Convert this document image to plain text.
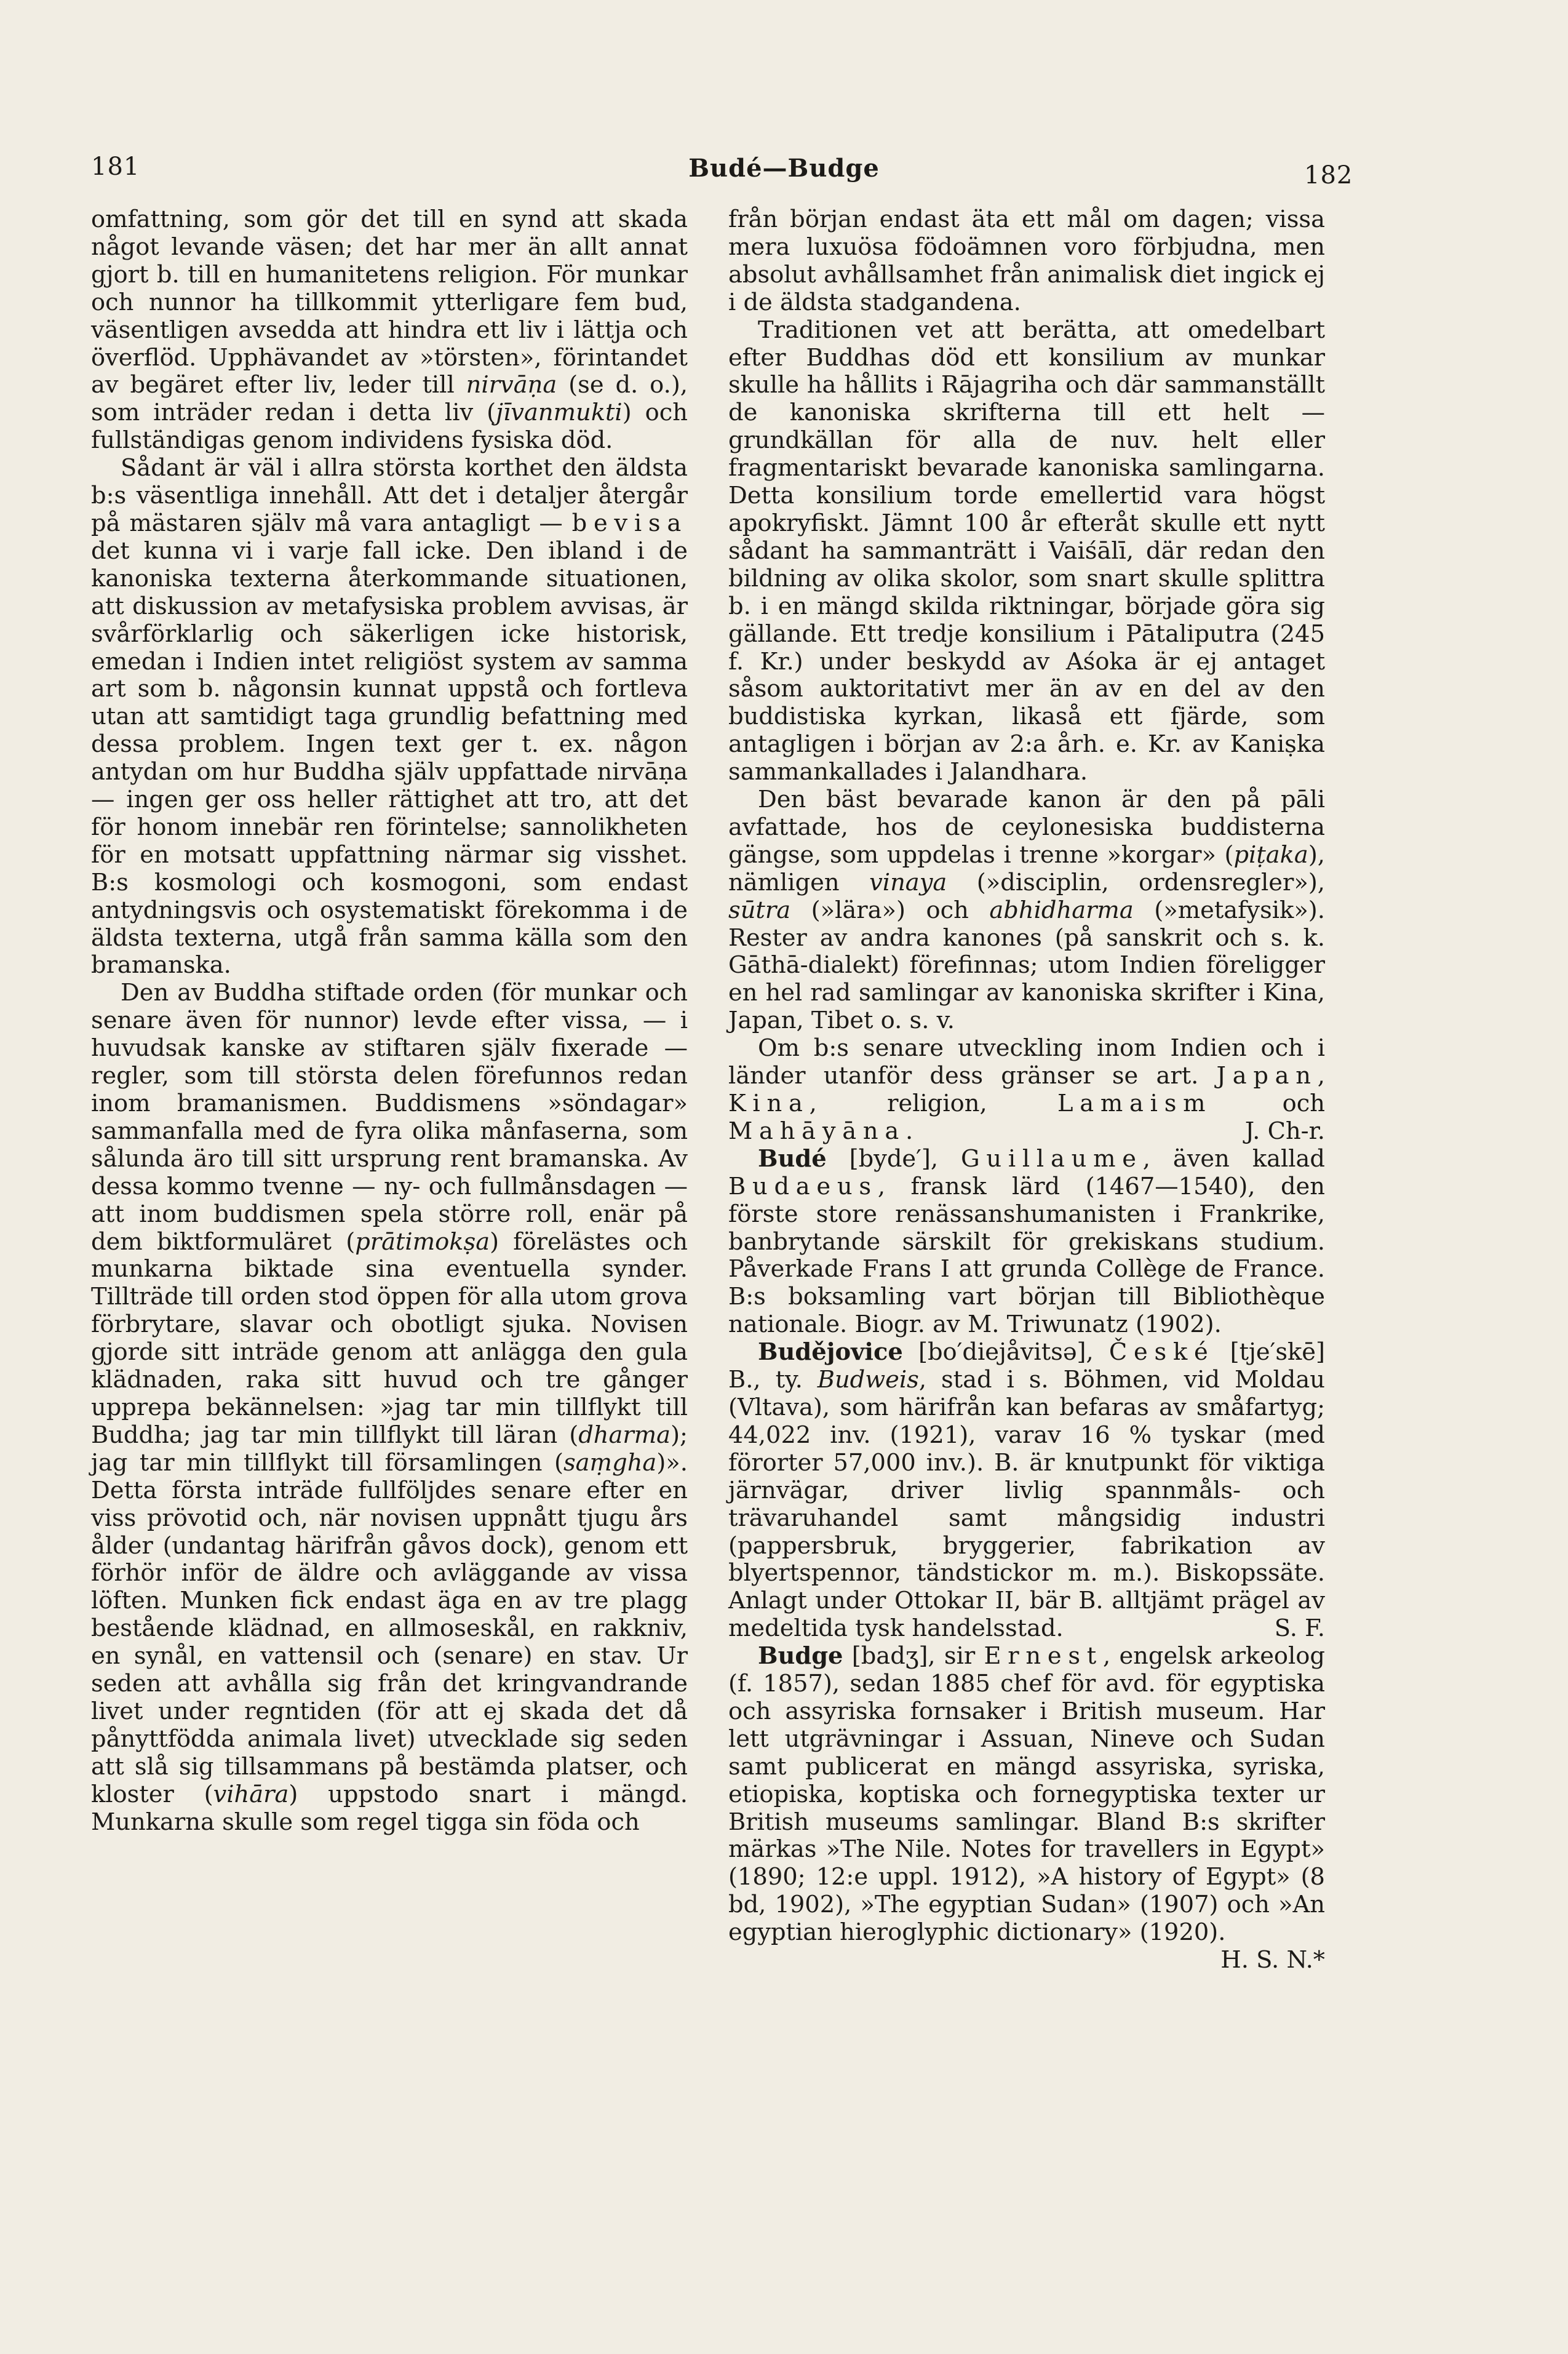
181	Budé—Budge	182

omfattning, som gör det till en synd att skada något levande väsen; det har mer än allt annat gjort b. till en humanitetens religion. För munkar och nunnor ha tillkommit ytterligare fem bud, väsentligen avsedda att hindra ett liv i lättja och överflöd. Upphävandet av »törsten», förintandet av begäret efter liv, leder till nirvāṇa (se d. o.), som inträder redan i detta liv (jīvanmukti) och fullständigas genom individens fysiska död.

Sådant är väl i allra största korthet den äldsta b:s väsentliga innehåll. Att det i detaljer återgår på mästaren själv må vara antagligt — bevisa det kunna vi i varje fall icke. Den ibland i de kanoniska texterna återkommande situationen, att diskussion av metafysiska problem avvisas, är svårförklarlig och säkerligen icke historisk, emedan i Indien intet religiöst system av samma art som b. någonsin kunnat uppstå och fortleva utan att samtidigt taga grundlig befattning med dessa problem. Ingen text ger t. ex. någon antydan om hur Buddha själv uppfattade nirvāṇa — ingen ger oss heller rättighet att tro, att det för honom innebär ren förintelse; sannolikheten för en motsatt uppfattning närmar sig visshet. B:s kosmologi och kosmogoni, som endast antydningsvis och osystematiskt förekomma i de äldsta texterna, utgå från samma källa som den bramanska.

Den av Buddha stiftade orden (för munkar och senare även för nunnor) levde efter vissa, — i huvudsak kanske av stiftaren själv fixerade — regler, som till största delen förefunnos redan inom bramanismen. Buddismens »söndagar» sammanfalla med de fyra olika månfaserna, som sålunda äro till sitt ursprung rent bramanska. Av dessa kommo tvenne — ny- och fullmånsdagen — att inom buddismen spela större roll, enär på dem biktformuläret (prātimokṣa) förelästes och munkarna biktade sina eventuella synder. Tillträde till orden stod öppen för alla utom grova förbrytare, slavar och obotligt sjuka. Novisen gjorde sitt inträde genom att anlägga den gula klädnaden, raka sitt huvud och tre gånger upprepa bekännelsen: »jag tar min tillflykt till Buddha; jag tar min tillflykt till läran (dharma); jag tar min tillflykt till församlingen (saṃgha)». Detta första inträde fullföljdes senare efter en viss prövotid och, när novisen uppnått tjugu års ålder (undantag härifrån gåvos dock), genom ett förhör inför de äldre och avläggande av vissa löften. Munken fick endast äga en av tre plagg bestående klädnad, en allmoseskål, en rakkniv, en synål, en vattensil och (senare) en stav. Ur seden att avhålla sig från det kringvandrande livet under regntiden (för att ej skada det då pånyttfödda animala livet) utvecklade sig seden att slå sig tillsammans på bestämda platser, och kloster (vihāra) uppstodo snart i mängd. Munkarna skulle som regel tigga sin föda och

från början endast äta ett mål om dagen; vissa mera luxuösa födoämnen voro förbjudna, men absolut avhållsamhet från animalisk diet ingick ej i de äldsta stadgandena.

Traditionen vet att berätta, att omedelbart efter Buddhas död ett konsilium av munkar skulle ha hållits i Rājagriha och där sammanställt de kanoniska skrifterna till ett helt — grundkällan för alla de nuv. helt eller fragmentariskt bevarade kanoniska samlingarna. Detta konsilium torde emellertid vara högst apokryfiskt. Jämnt 100 år efteråt skulle ett nytt sådant ha sammanträtt i Vaiśālī, där redan den bildning av olika skolor, som snart skulle splittra b. i en mängd skilda riktningar, började göra sig gällande. Ett tredje konsilium i Pātaliputra (245 f. Kr.) under beskydd av Aśoka är ej antaget såsom auktoritativt mer än av en del av den buddistiska kyrkan, likaså ett fjärde, som antagligen i början av 2:a årh. e. Kr. av Kaniṣka sammankallades i Jalandhara.

Den bäst bevarade kanon är den på pāli avfattade, hos de ceylonesiska buddisterna gängse, som uppdelas i trenne »korgar» (piṭaka), nämligen vinaya (»disciplin, ordensregler»), sūtra (»lära») och abhidharma (»metafysik»). Rester av andra kanones (på sanskrit och s. k. Gāthā-dialekt) förefinnas; utom Indien föreligger en hel rad samlingar av kanoniska skrifter i Kina, Japan, Tibet o. s. v.

Om b:s senare utveckling inom Indien och i länder utanför dess gränser se art. Japan, Kina, religion, Lamaism och Mahāyāna.	J. Ch-r.

Budé [byde′], Guillaume, även kallad Budaeus, fransk lärd (1467—1540), den förste store renässanshumanisten i Frankrike, banbrytande särskilt för grekiskans studium. Påverkade Frans I att grunda Collège de France. B:s boksamling vart början till Bibliothèque nationale. Biogr. av M. Triwunatz (1902).

Budějovice [bo′diejåvitsə], České [tje′skē] B., ty. Budweis, stad i s. Böhmen, vid Moldau (Vltava), som härifrån kan befaras av småfartyg; 44,022 inv. (1921), varav 16 % tyskar (med förorter 57,000 inv.). B. är knutpunkt för viktiga järnvägar, driver livlig spannmåls- och trävaruhandel samt mångsidig industri (pappersbruk, bryggerier, fabrikation av blyertspennor, tändstickor m. m.). Biskopssäte. Anlagt under Ottokar II, bär B. alltjämt prägel av medeltida tysk handelsstad.	S. F.

Budge [badʒ], sir Ernest, engelsk arkeolog (f. 1857), sedan 1885 chef för avd. för egyptiska och assyriska fornsaker i British museum. Har lett utgrävningar i Assuan, Nineve och Sudan samt publicerat en mängd assyriska, syriska, etiopiska, koptiska och fornegyptiska texter ur British museums samlingar. Bland B:s skrifter märkas »The Nile. Notes for travellers in Egypt» (1890; 12:e uppl. 1912), »A history of Egypt» (8 bd, 1902), »The egyptian Sudan» (1907) och »An egyptian hieroglyphic dictionary» (1920).
H. S. N.*
